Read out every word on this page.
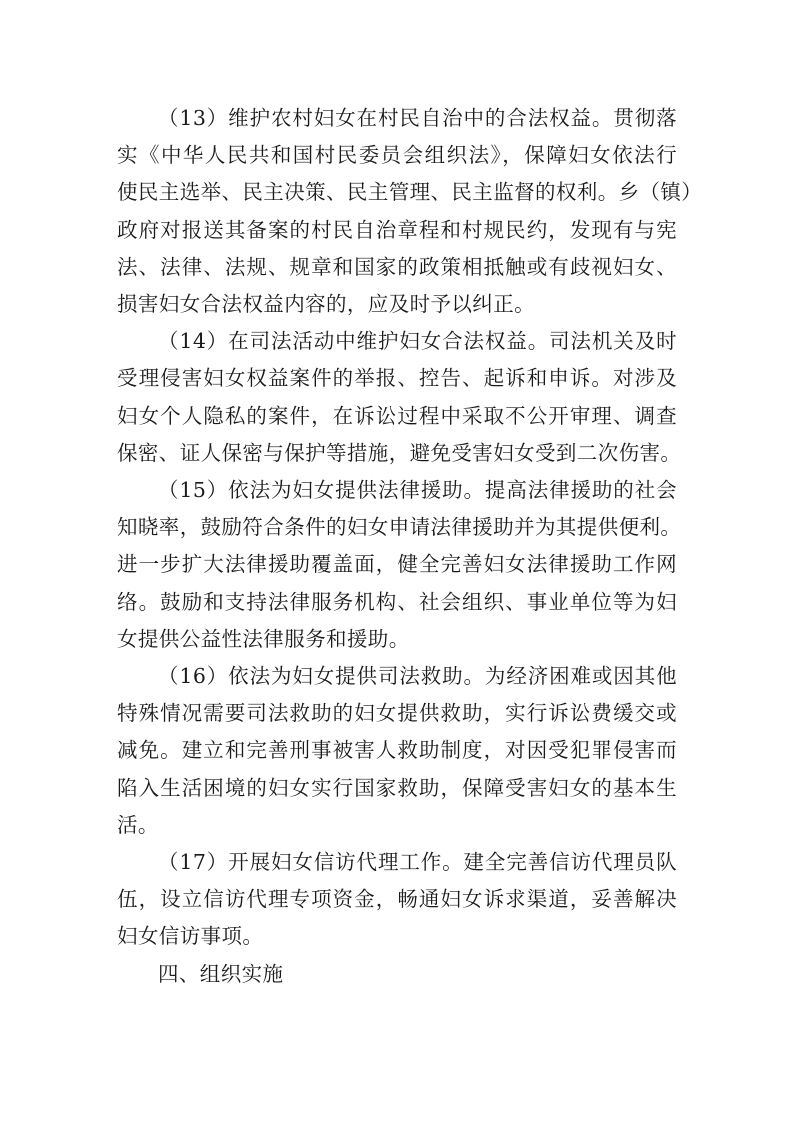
（13）维护农村妇女在村民自治中的合法权益。贯彻落
实《中华人民共和国村民委员会组织法》，保障妇女依法行
使民主选举、民主决策、民主管理、民主监督的权利。乡（镇）
政府对报送其备案的村民自治章程和村规民约，发现有与宪
法、法律、法规、规章和国家的政策相抵触或有歧视妇女、
损害妇女合法权益内容的，应及时予以纠正。

（14）在司法活动中维护妇女合法权益。司法机关及时
受理侵害妇女权益案件的举报、控告、起诉和申诉。对涉及
妇女个人隐私的案件，在诉讼过程中采取不公开审理、调查
保密、证人保密与保护等措施，避免受害妇女受到二次伤害。

（15）依法为妇女提供法律援助。提高法律援助的社会
知晓率，鼓励符合条件的妇女申请法律援助并为其提供便利。
进一步扩大法律援助覆盖面，健全完善妇女法律援助工作网
络。鼓励和支持法律服务机构、社会组织、事业单位等为妇
女提供公益性法律服务和援助。

（16）依法为妇女提供司法救助。为经济困难或因其他
特殊情况需要司法救助的妇女提供救助，实行诉讼费缓交或
减免。建立和完善刑事被害人救助制度，对因受犯罪侵害而
陷入生活困境的妇女实行国家救助，保障受害妇女的基本生
活。

（17）开展妇女信访代理工作。建全完善信访代理员队
伍，设立信访代理专项资金，畅通妇女诉求渠道，妥善解决
妇女信访事项。

四、组织实施
